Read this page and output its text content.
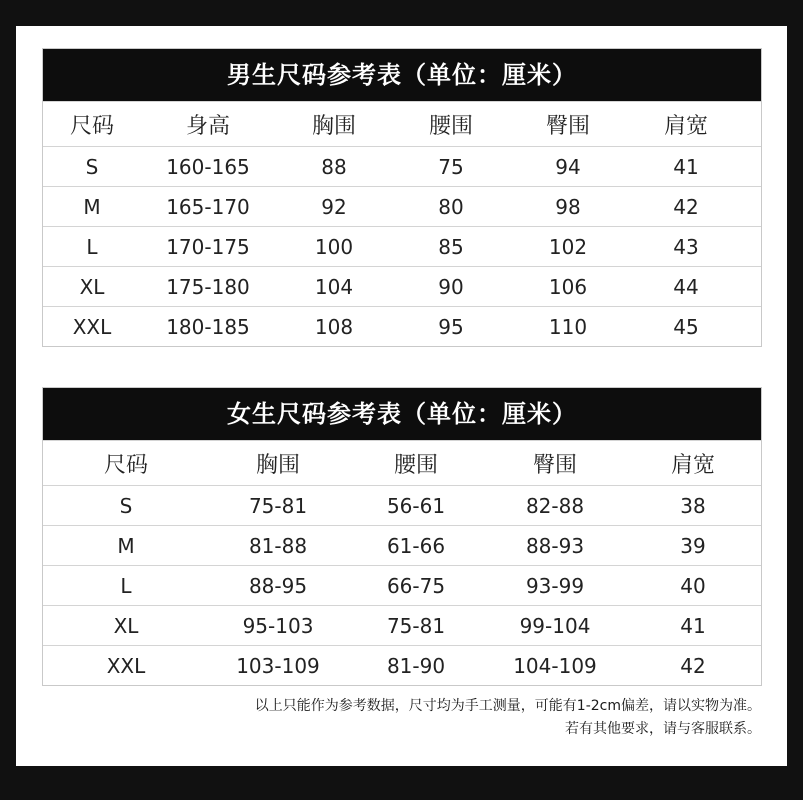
男生尺码参考表（单位：厘米）
尺码	身高	胸围	腰围	臀围	肩宽
S	160-165	88	75	94	41
M	165-170	92	80	98	42
L	170-175	100	85	102	43
XL	175-180	104	90	106	44
XXL	180-185	108	95	110	45
女生尺码参考表（单位：厘米）
尺码	胸围	腰围	臀围	肩宽
S	75-81	56-61	82-88	38
M	81-88	61-66	88-93	39
L	88-95	66-75	93-99	40
XL	95-103	75-81	99-104	41
XXL	103-109	81-90	104-109	42
以上只能作为参考数据，尺寸均为手工测量，可能有1-2cm偏差，请以实物为准。
若有其他要求，请与客服联系。
